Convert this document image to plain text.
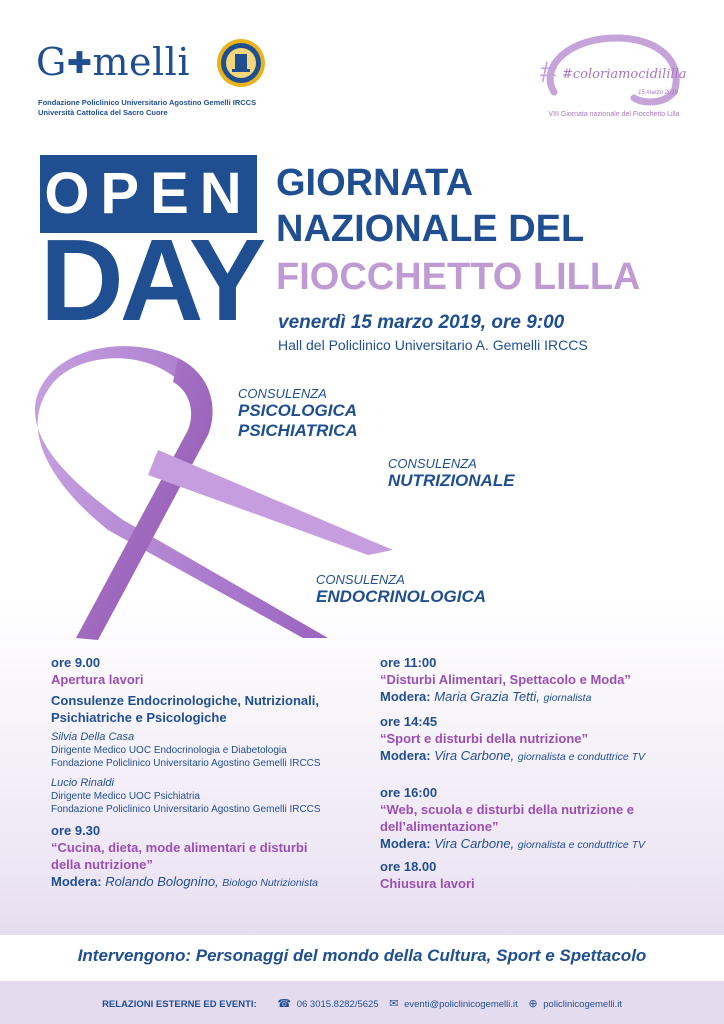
G✚melli
Fondazione Policlinico Universitario Agostino Gemelli IRCCS
Università Cattolica del Sacro Cuore
# #coloriamocidililla
15 marzo 2019
VIII Giornata nazionale del Fiocchetto Lilla
OPEN
DAY
GIORNATA
NAZIONALE DEL
FIOCCHETTO LILLA
venerdì 15 marzo 2019, ore 9:00
Hall del Policlinico Universitario A. Gemelli IRCCS
CONSULENZA
PSICOLOGICA
PSICHIATRICA
CONSULENZA
NUTRIZIONALE
CONSULENZA
ENDOCRINOLOGICA
ore 9.00
Apertura lavori
Consulenze Endocrinologiche, Nutrizionali,
Psichiatriche e Psicologiche
Silvia Della Casa
Dirigente Medico UOC Endocrinologia e Diabetologia
Fondazione Policlinico Universitario Agostino Gemelli IRCCS
Lucio Rinaldi
Dirigente Medico UOC Psichiatria
Fondazione Policlinico Universitario Agostino Gemelli IRCCS
ore 9.30
“Cucina, dieta, mode alimentari e disturbi
della nutrizione”
Modera: Rolando Bolognino, Biologo Nutrizionista
ore 11:00
“Disturbi Alimentari, Spettacolo e Moda”
Modera: Maria Grazia Tetti, giornalista
ore 14:45
“Sport e disturbi della nutrizione”
Modera: Vira Carbone, giornalista e conduttrice TV
ore 16:00
“Web, scuola e disturbi della nutrizione e
dell’alimentazione”
Modera: Vira Carbone, giornalista e conduttrice TV
ore 18.00
Chiusura lavori
Intervengono: Personaggi del mondo della Cultura, Sport e Spettacolo
RELAZIONI ESTERNE ED EVENTI: ☎ 06 3015.8282/5625 ✉ eventi@policlinicogemelli.it ⊕ policlinicogemelli.it
